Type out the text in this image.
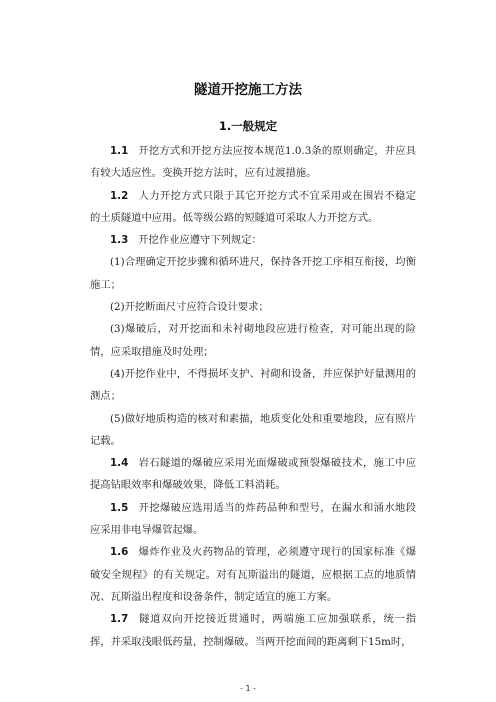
隧道开挖施工方法
1.一般规定

1.1 开挖方式和开挖方法应按本规范1.0.3条的原则确定，并应具有较大适应性。变换开挖方法时，应有过渡措施。

1.2 人力开挖方式只限于其它开挖方式不宜采用或在围岩不稳定的土质隧道中应用。低等级公路的短隧道可采取人力开挖方式。

1.3 开挖作业应遵守下列规定：

(1)合理确定开挖步骤和循环进尺，保持各开挖工序相互衔接，均衡施工；

(2)开挖断面尺寸应符合设计要求；

(3)爆破后，对开挖面和未衬砌地段应进行检查，对可能出现的险情，应采取措施及时处理；

(4)开挖作业中，不得损坏支护、衬砌和设备，并应保护好量测用的测点；

(5)做好地质构造的核对和素描，地质变化处和重要地段，应有照片记载。

1.4 岩石隧道的爆破应采用光面爆破或预裂爆破技术，施工中应提高钻眼效率和爆破效果，降低工料消耗。

1.5 开挖爆破应选用适当的炸药品种和型号，在漏水和涌水地段应采用非电导爆管起爆。

1.6 爆炸作业及火药物品的管理，必须遵守现行的国家标准《爆破安全规程》的有关规定。对有瓦斯溢出的隧道，应根据工点的地质情况、瓦斯溢出程度和设备条件，制定适宜的施工方案。

1.7 隧道双向开挖接近贯通时，两端施工应加强联系，统一指挥，并采取浅眼低药量，控制爆破。当两开挖面间的距离剩下15m时，

- 1 -
